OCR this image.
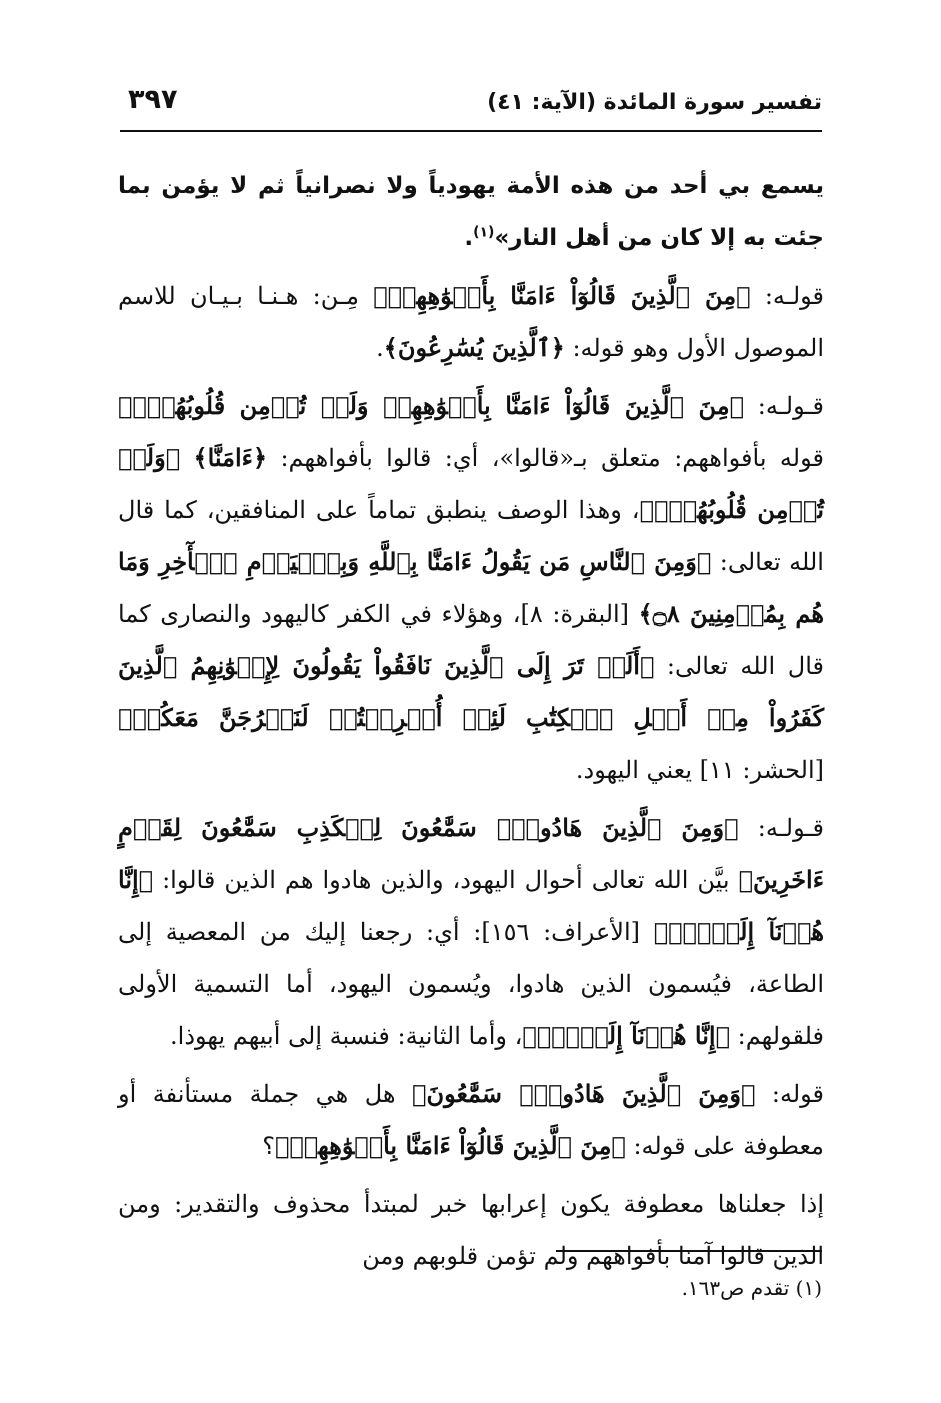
تفسير سورة المائدة (الآية: ٤١)
٣٩٧

يسمع بي أحد من هذه الأمة يهودياً ولا نصرانياً ثم لا يؤمن بما جئت به إلا كان من أهل النار»$^{(١)}$.

قولـه: ﴿مِنَ ٱلَّذِينَ قَالُوٓاْ ءَامَنَّا بِأَفۡوَٰهِهِمۡ﴾ مِـن: هـنـا بـيـان للاسم الموصول الأول وهو قوله: ﴿ٱلَّذِينَ يُسَٰرِعُونَ﴾.

قـولـه: ﴿مِنَ ٱلَّذِينَ قَالُوٓاْ ءَامَنَّا بِأَفۡوَٰهِهِمۡ وَلَمۡ تُؤۡمِن قُلُوبُهُمۡۛ﴾ قوله بأفواههم: متعلق بـ«قالوا»، أي: قالوا بأفواههم: ﴿ءَامَنَّا﴾ ﴿وَلَمۡ تُؤۡمِن قُلُوبُهُمۡۛ﴾، وهذا الوصف ينطبق تماماً على المنافقين، كما قال الله تعالى: ﴿وَمِنَ ٱلنَّاسِ مَن يَقُولُ ءَامَنَّا بِٱللَّهِ وَبِٱلۡيَوۡمِ ٱلۡأٓخِرِ وَمَا هُم بِمُؤۡمِنِينَ ۝٨﴾ [البقرة: ٨]، وهؤلاء في الكفر كاليهود والنصارى كما قال الله تعالى: ﴿أَلَمۡ تَرَ إِلَى ٱلَّذِينَ نَافَقُواْ يَقُولُونَ لِإِخۡوَٰنِهِمُ ٱلَّذِينَ كَفَرُواْ مِنۡ أَهۡلِ ٱلۡكِتَٰبِ لَئِنۡ أُخۡرِجۡتُمۡ لَنَخۡرُجَنَّ مَعَكُمۡ﴾ [الحشر: ١١] يعني اليهود.

قـولـه: ﴿وَمِنَ ٱلَّذِينَ هَادُواْۛ سَمَّٰعُونَ لِلۡكَذِبِ سَمَّٰعُونَ لِقَوۡمٍ ءَاخَرِينَ﴾ بيَّن الله تعالى أحوال اليهود، والذين هادوا هم الذين قالوا: ﴿إِنَّا هُدۡنَآ إِلَيۡكَۚ﴾ [الأعراف: ١٥٦]: أي: رجعنا إليك من المعصية إلى الطاعة، فيُسمون الذين هادوا، ويُسمون اليهود، أما التسمية الأولى فلقولهم: ﴿إِنَّا هُدۡنَآ إِلَيۡكَۚ﴾، وأما الثانية: فنسبة إلى أبيهم يهوذا.

قوله: ﴿وَمِنَ ٱلَّذِينَ هَادُواْۛ سَمَّٰعُونَ﴾ هل هي جملة مستأنفة أو معطوفة على قوله: ﴿مِنَ ٱلَّذِينَ قَالُوٓاْ ءَامَنَّا بِأَفۡوَٰهِهِمۡ﴾؟

إذا جعلناها معطوفة يكون إعرابها خبر لمبتدأ محذوف والتقدير: ومن الذين قالوا آمنا بأفواههم ولم تؤمن قلوبهم ومن

(١) تقدم ص١٦٣.
